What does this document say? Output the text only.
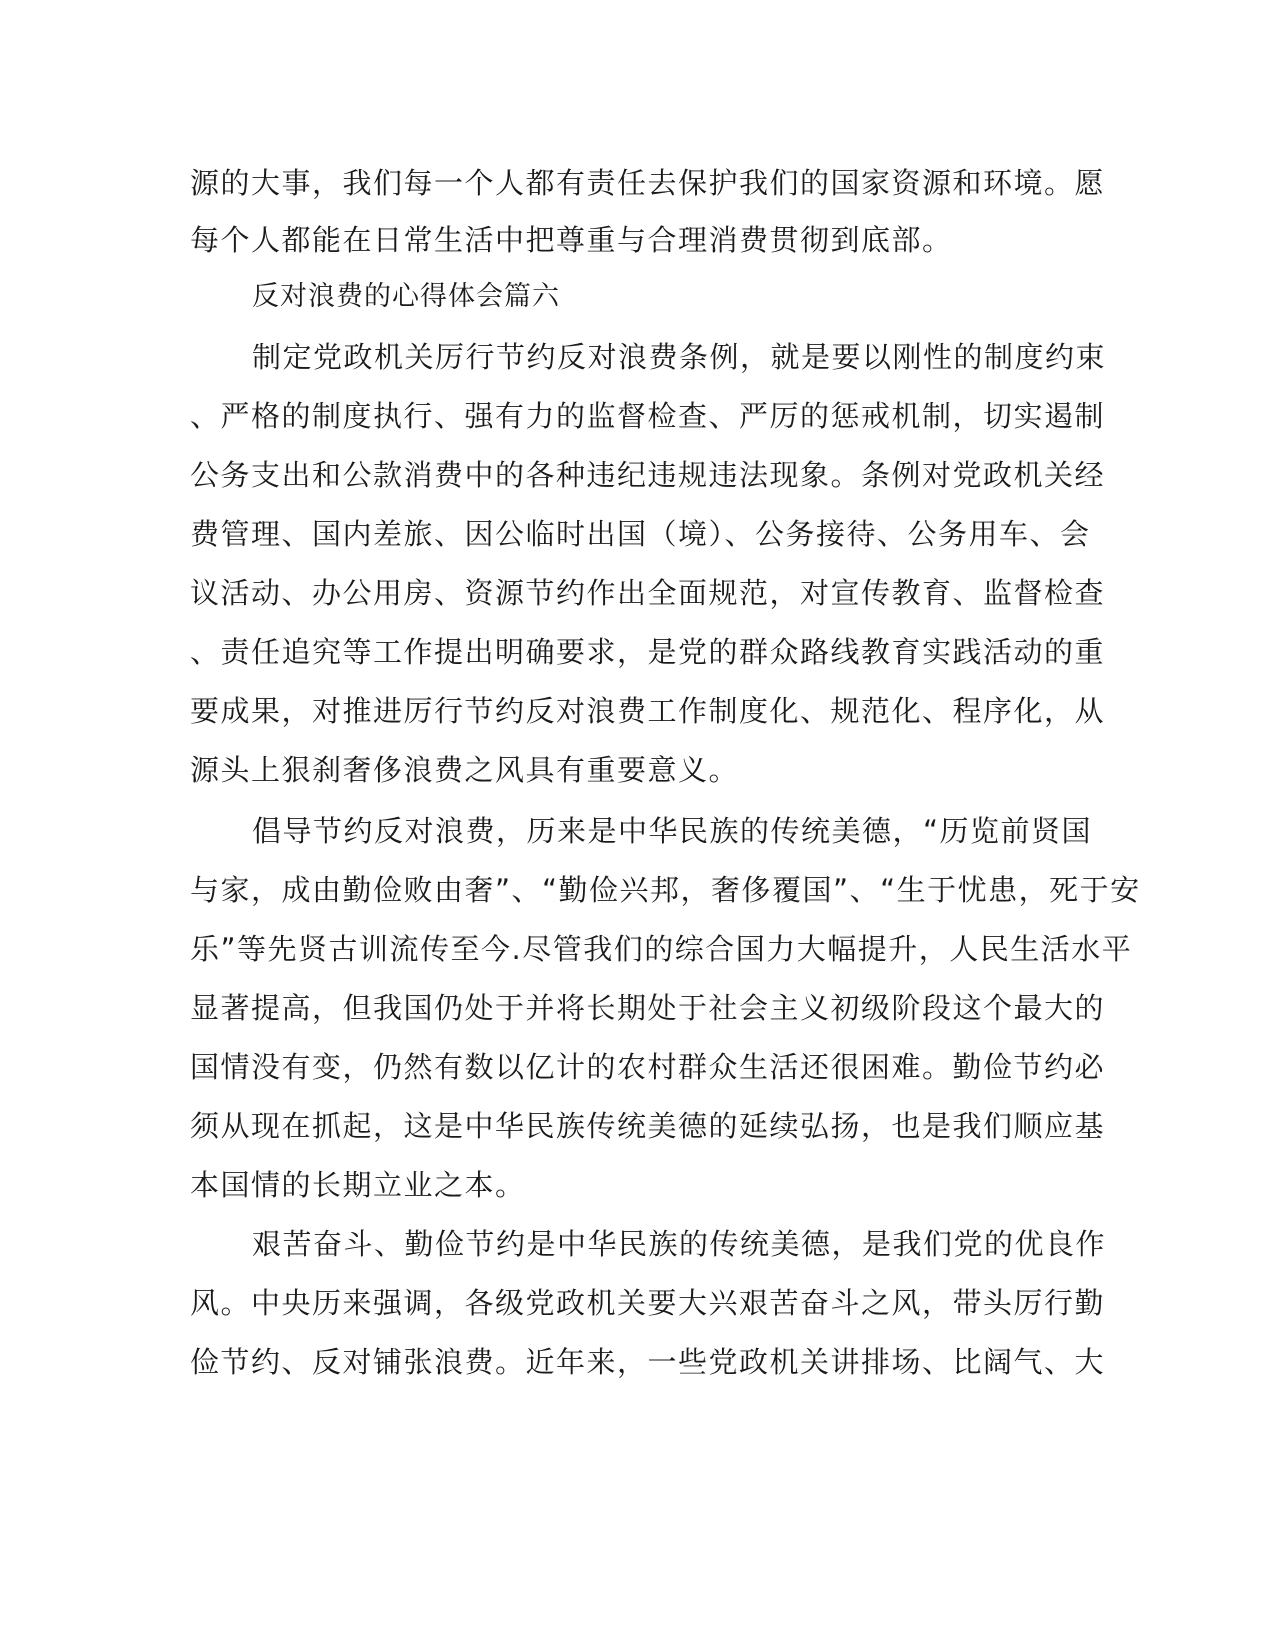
源的大事，我们每一个人都有责任去保护我们的国家资源和环境。愿
每个人都能在日常生活中把尊重与合理消费贯彻到底部。
反对浪费的心得体会篇六
制定党政机关厉行节约反对浪费条例，就是要以刚性的制度约束
、严格的制度执行、强有力的监督检查、严厉的惩戒机制，切实遏制
公务支出和公款消费中的各种违纪违规违法现象。条例对党政机关经
费管理、国内差旅、因公临时出国（境）、公务接待、公务用车、会
议活动、办公用房、资源节约作出全面规范，对宣传教育、监督检查
、责任追究等工作提出明确要求，是党的群众路线教育实践活动的重
要成果，对推进厉行节约反对浪费工作制度化、规范化、程序化，从
源头上狠刹奢侈浪费之风具有重要意义。
倡导节约反对浪费，历来是中华民族的传统美德，“历览前贤国
与家，成由勤俭败由奢”、“勤俭兴邦，奢侈覆国”、“生于忧患，死于安
乐”等先贤古训流传至今.尽管我们的综合国力大幅提升，人民生活水平
显著提高，但我国仍处于并将长期处于社会主义初级阶段这个最大的
国情没有变，仍然有数以亿计的农村群众生活还很困难。勤俭节约必
须从现在抓起，这是中华民族传统美德的延续弘扬，也是我们顺应基
本国情的长期立业之本。
艰苦奋斗、勤俭节约是中华民族的传统美德，是我们党的优良作
风。中央历来强调，各级党政机关要大兴艰苦奋斗之风，带头厉行勤
俭节约、反对铺张浪费。近年来，一些党政机关讲排场、比阔气、大
